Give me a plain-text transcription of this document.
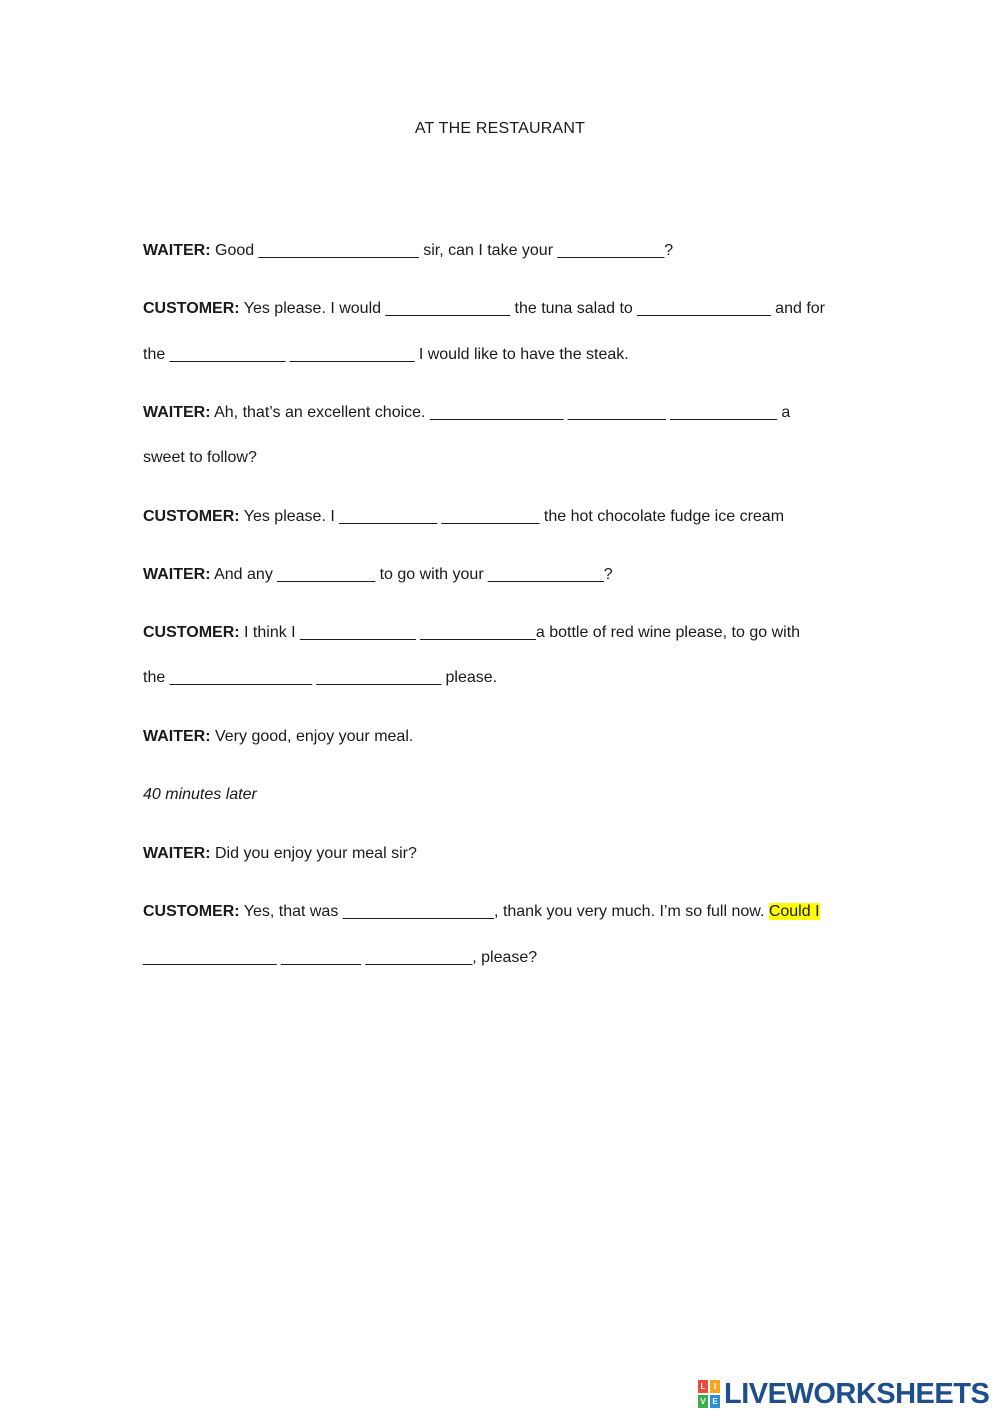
AT THE RESTAURANT
WAITER: Good __________________ sir, can I take your ____________?
CUSTOMER: Yes please. I would ______________ the tuna salad to _______________ and for
the _____________ ______________ I would like to have the steak.
WAITER: Ah, that’s an excellent choice. _______________ ___________ ____________ a
sweet to follow?
CUSTOMER: Yes please. I ___________ ___________ the hot chocolate fudge ice cream
WAITER: And any ___________ to go with your _____________?
CUSTOMER: I think I _____________ _____________a bottle of red wine please, to go with
the ________________ ______________ please.
WAITER: Very good, enjoy your meal.
40 minutes later
WAITER: Did you enjoy your meal sir?
CUSTOMER: Yes, that was _________________, thank you very much. I’m so full now. Could I
_______________ _________ ____________, please?
L	I
V E LIVEWORKSHEETS
